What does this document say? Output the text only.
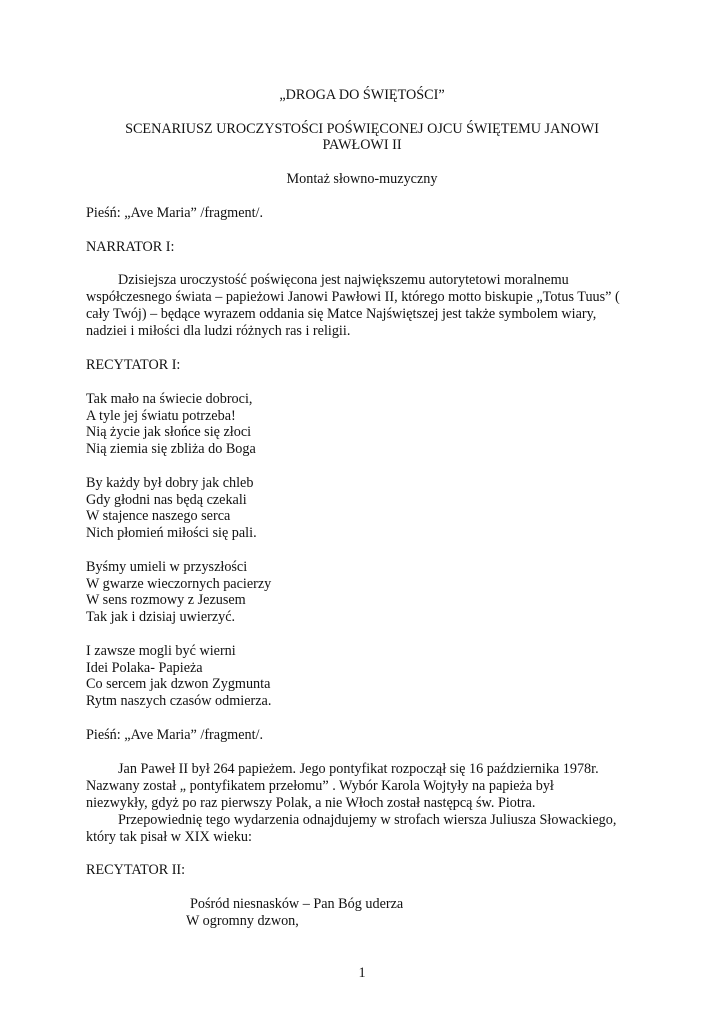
„DROGA DO ŚWIĘTOŚCI”
SCENARIUSZ UROCZYSTOŚCI POŚWIĘCONEJ OJCU ŚWIĘTEMU JANOWI
PAWŁOWI II
Montaż słowno-muzyczny
Pieśń: „Ave Maria” /fragment/.
NARRATOR I:
Dzisiejsza uroczystość poświęcona jest największemu autorytetowi moralnemu
współczesnego świata – papieżowi Janowi Pawłowi II, którego motto biskupie „Totus Tuus” (
cały Twój) – będące wyrazem oddania się Matce Najświętszej jest także symbolem wiary,
nadziei i miłości dla ludzi różnych ras i religii.
RECYTATOR I:
Tak mało na świecie dobroci,
A tyle jej światu potrzeba!
Nią życie jak słońce się złoci
Nią ziemia się zbliża do Boga
By każdy był dobry jak chleb
Gdy głodni nas będą czekali
W stajence naszego serca
Nich płomień miłości się pali.
Byśmy umieli w przyszłości
W gwarze wieczornych pacierzy
W sens rozmowy z Jezusem
Tak jak i dzisiaj uwierzyć.
I zawsze mogli być wierni
Idei Polaka- Papieża
Co sercem jak dzwon Zygmunta
Rytm naszych czasów odmierza.
Pieśń: „Ave Maria” /fragment/.
Jan Paweł II był 264 papieżem. Jego pontyfikat rozpoczął się 16 października 1978r.
Nazwany został „ pontyfikatem przełomu” . Wybór Karola Wojtyły na papieża był
niezwykły, gdyż po raz pierwszy Polak, a nie Włoch został następcą św. Piotra.
Przepowiednię tego wydarzenia odnajdujemy w strofach wiersza Juliusza Słowackiego,
który tak pisał w XIX wieku:
RECYTATOR II:
Pośród niesnasków – Pan Bóg uderza
W ogromny dzwon,
1
